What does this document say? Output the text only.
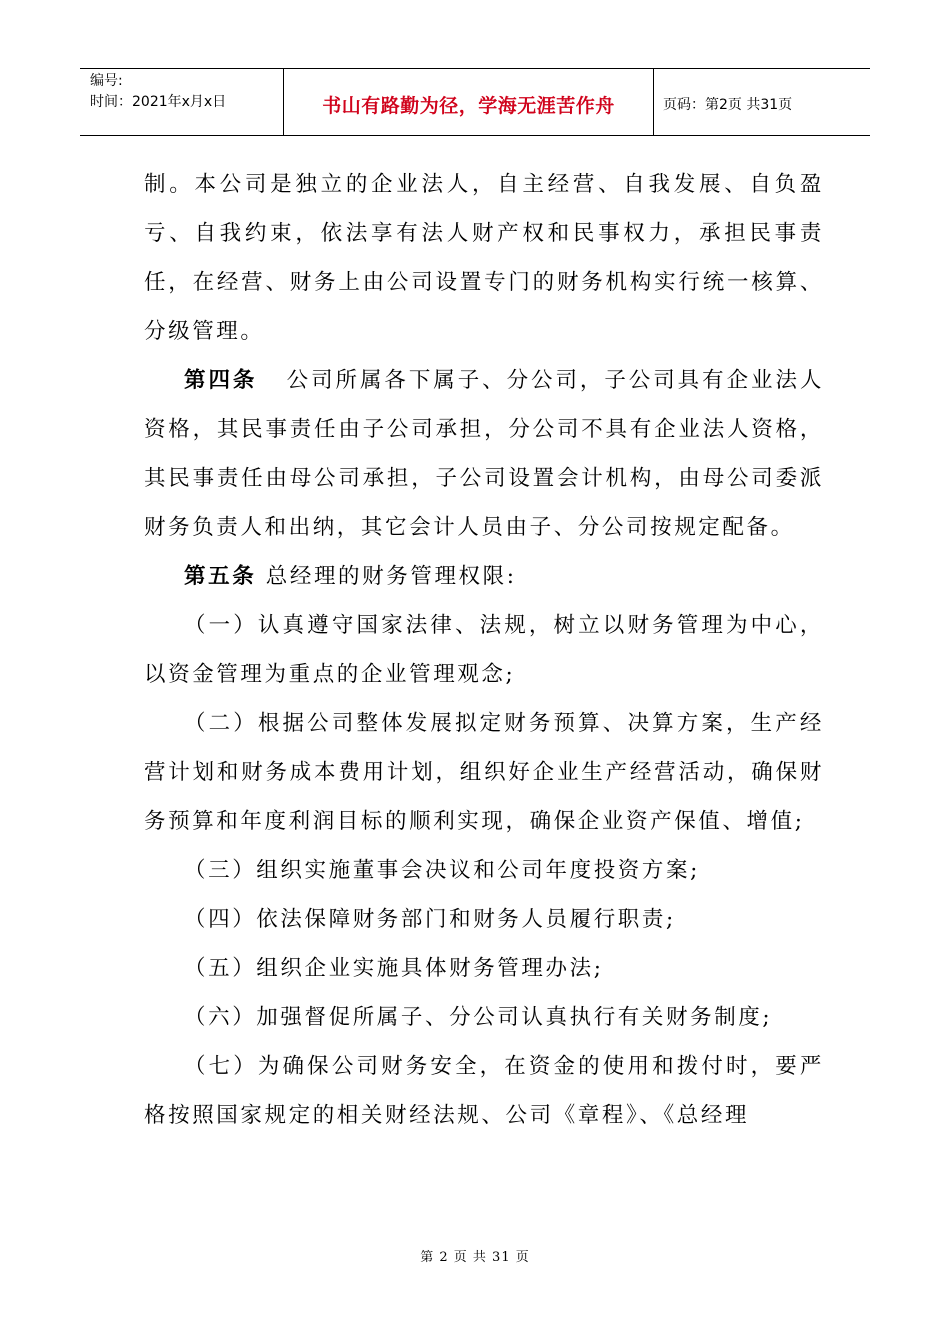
编号:
时间：2021年x月x日	书山有路勤为径，学海无涯苦作舟	页码：第2页 共31页

制。本公司是独立的企业法人，自主经营、自我发展、自负盈亏、自我约束，依法享有法人财产权和民事权力，承担民事责任，在经营、财务上由公司设置专门的财务机构实行统一核算、分级管理。

第四条   公司所属各下属子、分公司，子公司具有企业法人资格，其民事责任由子公司承担，分公司不具有企业法人资格，其民事责任由母公司承担，子公司设置会计机构，由母公司委派财务负责人和出纳，其它会计人员由子、分公司按规定配备。

第五条 总经理的财务管理权限:

（一）认真遵守国家法律、法规，树立以财务管理为中心，以资金管理为重点的企业管理观念;

（二）根据公司整体发展拟定财务预算、决算方案，生产经营计划和财务成本费用计划，组织好企业生产经营活动，确保财务预算和年度利润目标的顺利实现，确保企业资产保值、增值;

（三）组织实施董事会决议和公司年度投资方案;

（四）依法保障财务部门和财务人员履行职责;

（五）组织企业实施具体财务管理办法;

（六）加强督促所属子、分公司认真执行有关财务制度;

（七）为确保公司财务安全，在资金的使用和拨付时，要严格按照国家规定的相关财经法规、公司《章程》、《总经理

第 2 页 共 31 页
